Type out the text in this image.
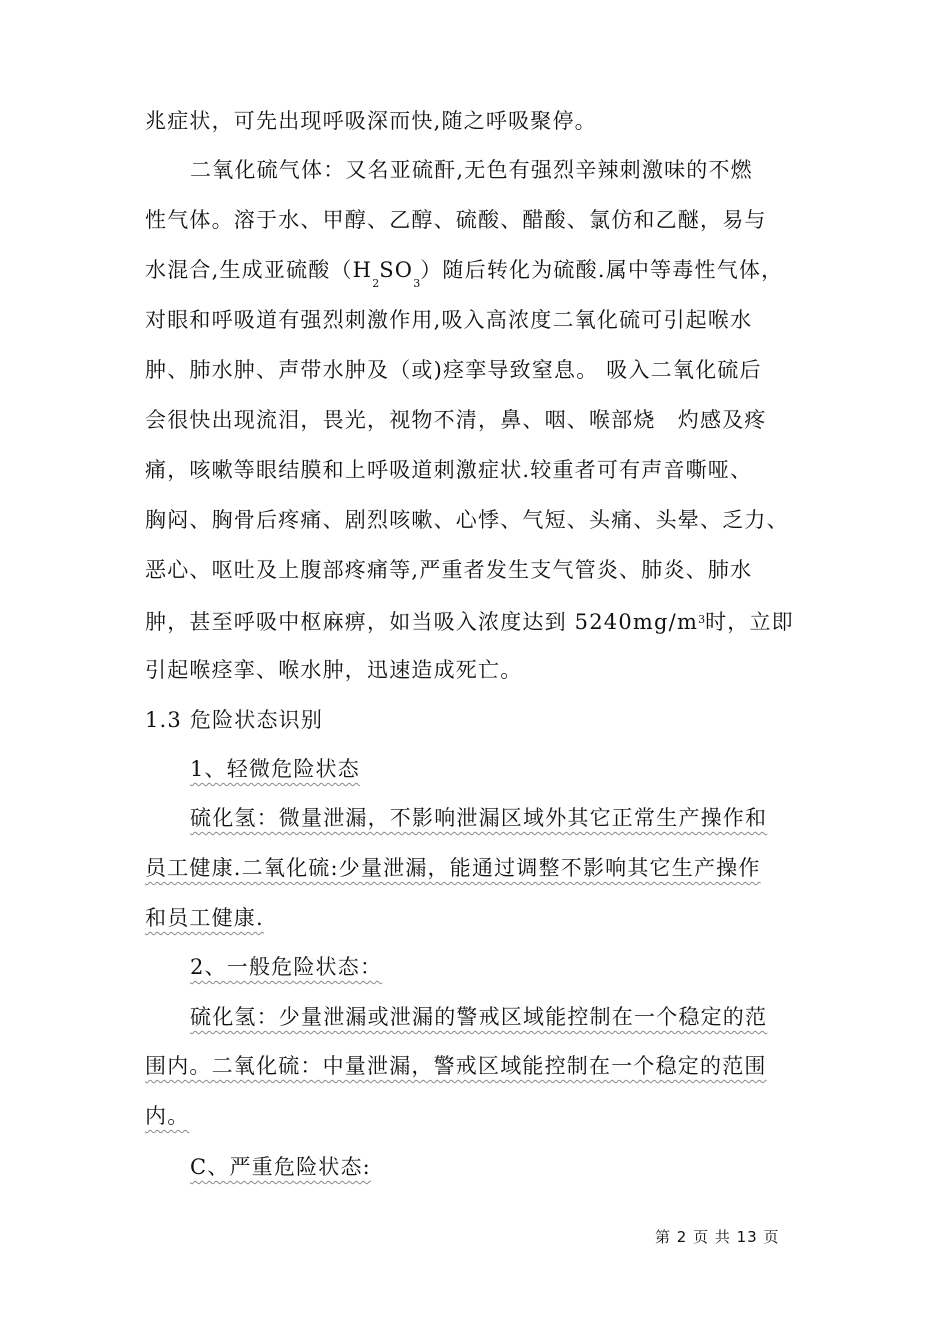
兆症状，可先出现呼吸深而快,随之呼吸聚停。
二氧化硫气体：又名亚硫酐,无色有强烈辛辣刺激味的不燃
性气体。溶于水、甲醇、乙醇、硫酸、醋酸、氯仿和乙醚，易与
水混合,生成亚硫酸$(H_2SO_3)$随后转化为硫酸.属中等毒性气体，
对眼和呼吸道有强烈刺激作用,吸入高浓度二氧化硫可引起喉水
肿、肺水肿、声带水肿及（或)痉挛导致窒息。 吸入二氧化硫后
会很快出现流泪，畏光，视物不清，鼻、咽、喉部烧　灼感及疼
痛，咳嗽等眼结膜和上呼吸道刺激症状.较重者可有声音嘶哑、
胸闷、胸骨后疼痛、剧烈咳嗽、心悸、气短、头痛、头晕、乏力、
恶心、呕吐及上腹部疼痛等,严重者发生支气管炎、肺炎、肺水
肿，甚至呼吸中枢麻痹，如当吸入浓度达到 $5240mg/m^3$时，立即
引起喉痉挛、喉水肿，迅速造成死亡。
1.3 危险状态识别
1、轻微危险状态
硫化氢：微量泄漏，不影响泄漏区域外其它正常生产操作和
员工健康.二氧化硫:少量泄漏，能通过调整不影响其它生产操作
和员工健康.
2、一般危险状态：
硫化氢：少量泄漏或泄漏的警戒区域能控制在一个稳定的范
围内。二氧化硫：中量泄漏，警戒区域能控制在一个稳定的范围
内。
C、严重危险状态:
第 2 页 共 13 页
